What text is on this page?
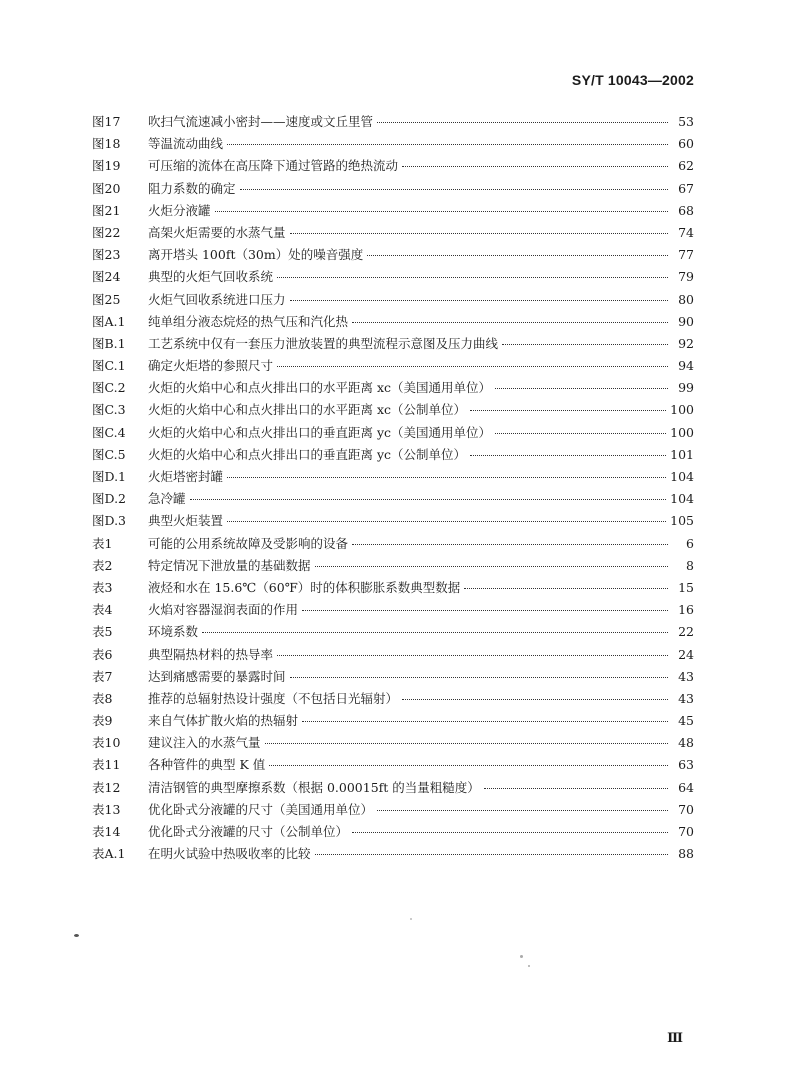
SY/T 10043—2002
图17	吹扫气流速减小密封——速度或文丘里管	53
图18	等温流动曲线	60
图19	可压缩的流体在高压降下通过管路的绝热流动	62
图20	阻力系数的确定	67
图21	火炬分液罐	68
图22	高架火炬需要的水蒸气量	74
图23	离开塔头 100ft（30m）处的噪音强度	77
图24	典型的火炬气回收系统	79
图25	火炬气回收系统进口压力	80
图A.1	纯单组分液态烷烃的热气压和汽化热	90
图B.1	工艺系统中仅有一套压力泄放装置的典型流程示意图及压力曲线	92
图C.1	确定火炬塔的参照尺寸	94
图C.2	火炬的火焰中心和点火排出口的水平距离 xc（美国通用单位）	99
图C.3	火炬的火焰中心和点火排出口的水平距离 xc（公制单位）	100
图C.4	火炬的火焰中心和点火排出口的垂直距离 yc（美国通用单位）	100
图C.5	火炬的火焰中心和点火排出口的垂直距离 yc（公制单位）	101
图D.1	火炬塔密封罐	104
图D.2	急冷罐	104
图D.3	典型火炬装置	105
表1	可能的公用系统故障及受影响的设备	6
表2	特定情况下泄放量的基础数据	8
表3	液烃和水在 15.6℃（60℉）时的体积膨胀系数典型数据	15
表4	火焰对容器湿润表面的作用	16
表5	环境系数	22
表6	典型隔热材料的热导率	24
表7	达到痛感需要的暴露时间	43
表8	推荐的总辐射热设计强度（不包括日光辐射）	43
表9	来自气体扩散火焰的热辐射	45
表10	建议注入的水蒸气量	48
表11	各种管件的典型 K 值	63
表12	清洁钢管的典型摩擦系数（根据 0.00015ft 的当量粗糙度）	64
表13	优化卧式分液罐的尺寸（美国通用单位）	70
表14	优化卧式分液罐的尺寸（公制单位）	70
表A.1	在明火试验中热吸收率的比较	88
Ⅲ
